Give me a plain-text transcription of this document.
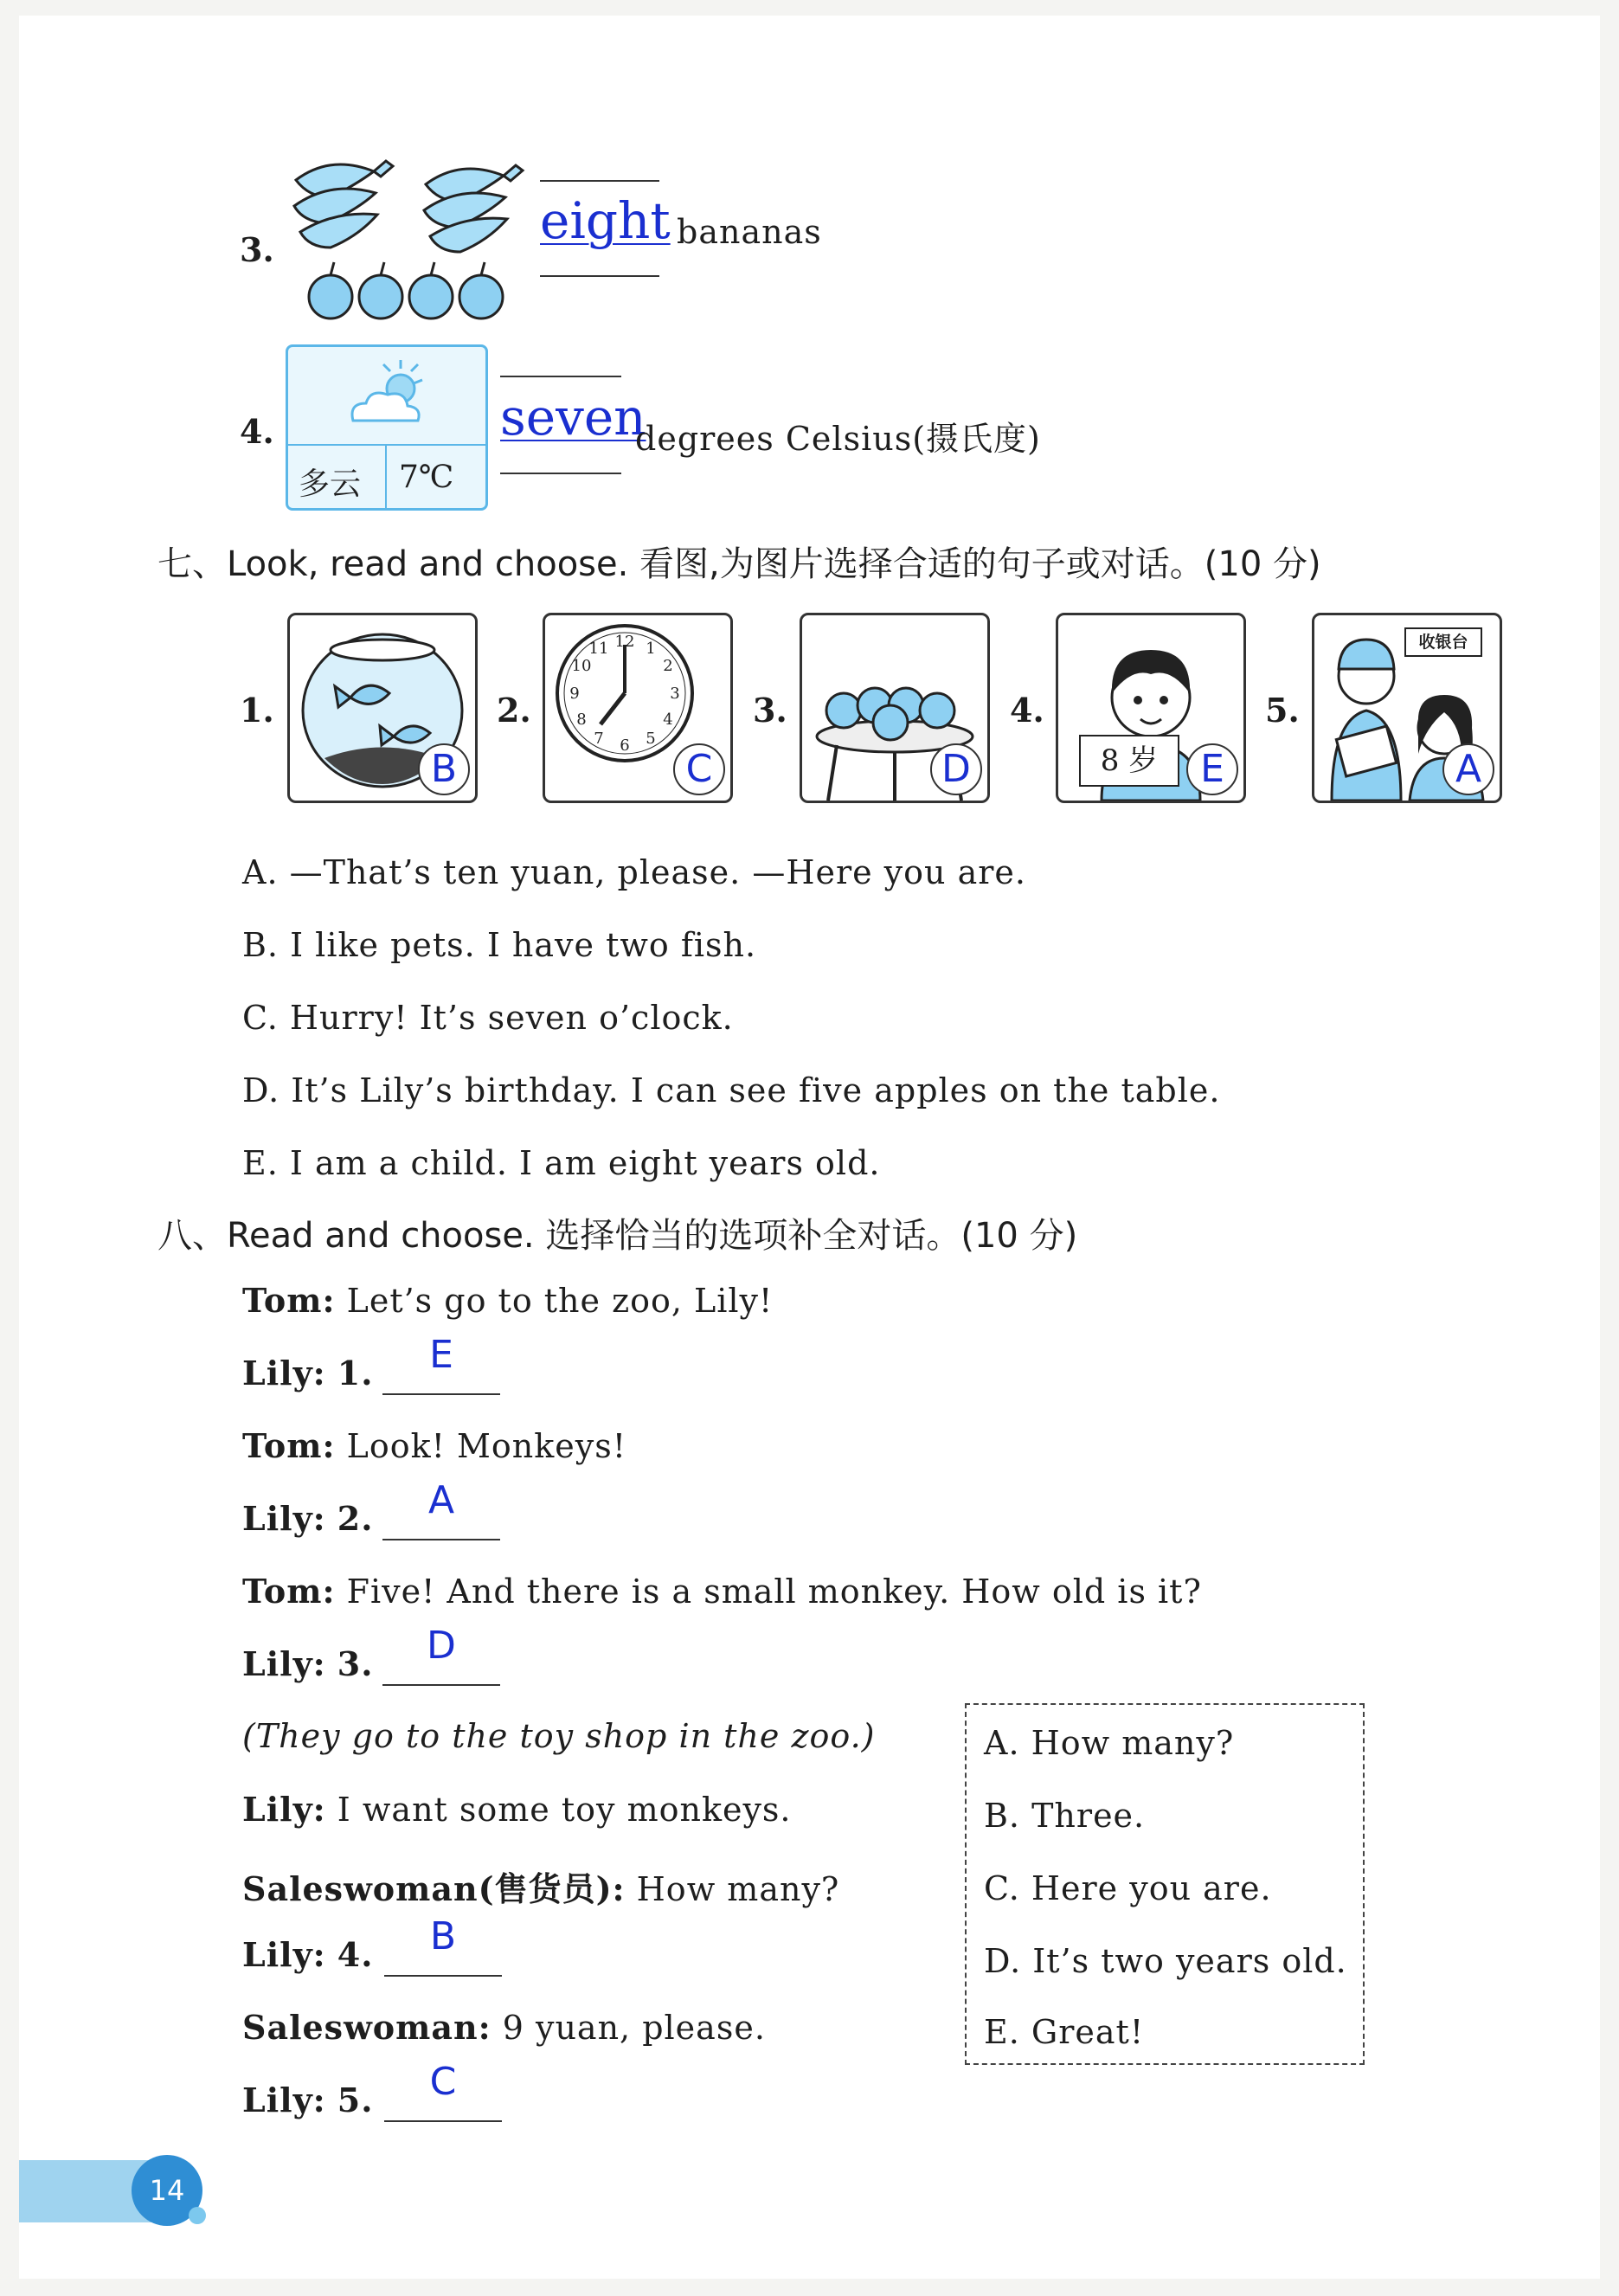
3.	eight bananas
4.
多云 7℃
seven
degrees Celsius(摄氏度)
七、Look, read and choose. 看图,为图片选择合适的句子或对话。(10 分)
1.
B
2.
12 1
2
3
4
5
6
7
8
9
10
11
C
3.
D
4.
8 岁	E
5.
收银台
A
A. —That’s ten yuan, please. —Here you are.
B. I like pets. I have two fish.
C. Hurry! It’s seven o’clock.
D. It’s Lily’s birthday. I can see five apples on the table.
E. I am a child. I am eight years old.
八、Read and choose. 选择恰当的选项补全对话。(10 分)
Tom: Let’s go to the zoo, Lily!
Lily: 1.	E
Tom: Look! Monkeys!
Lily: 2.	A
Tom: Five! And there is a small monkey. How old is it?
Lily: 3.	D
(They go to the toy shop in the zoo.)
Lily: I want some toy monkeys.
Saleswoman(售货员): How many?
Lily: 4.	B
Saleswoman: 9 yuan, please.
Lily: 5.	C
A. How many?
B. Three.
C. Here you are.
D. It’s two years old.
E. Great!
14
